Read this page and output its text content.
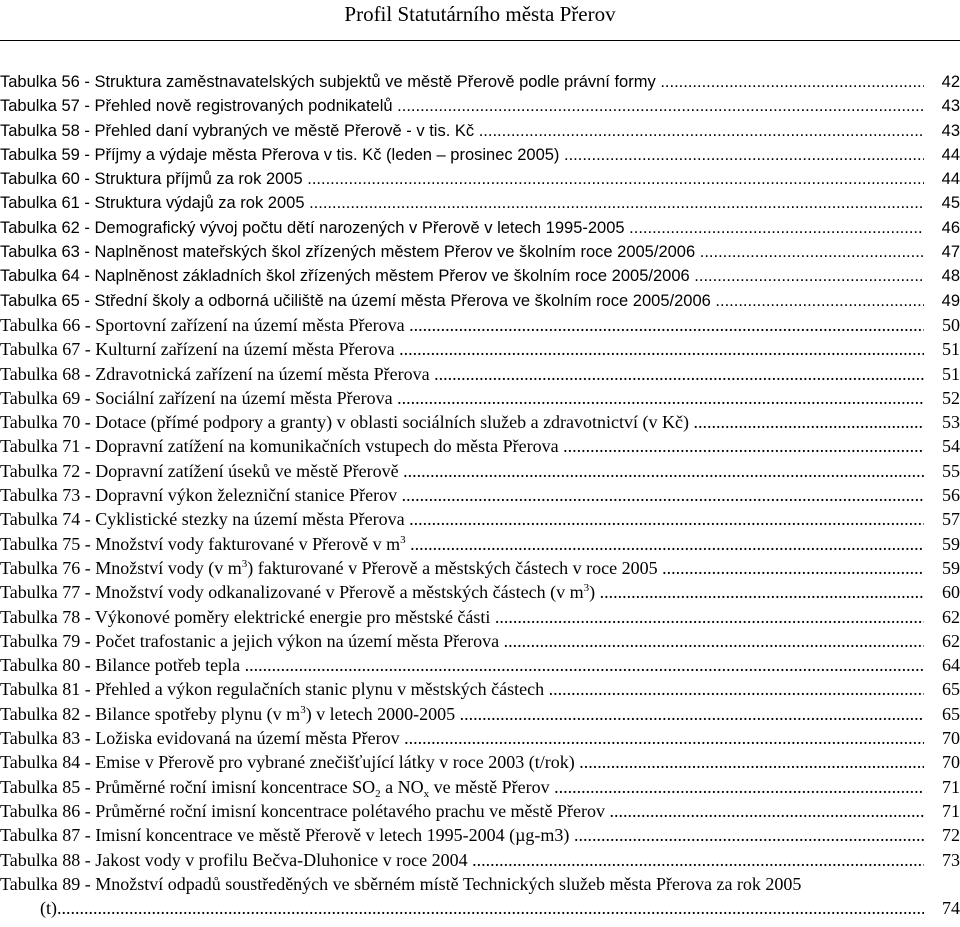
Profil Statutárního města Přerov
Tabulka 56 - Struktura zaměstnavatelských subjektů ve městě Přerově podle právní formy .....	42
Tabulka 57 - Přehled nově registrovaných podnikatelů .....	43
Tabulka 58 - Přehled daní vybraných ve městě Přerově - v tis. Kč .....	43
Tabulka 59 - Příjmy a výdaje města Přerova v tis. Kč (leden – prosinec 2005) .....	44
Tabulka 60 - Struktura příjmů za rok 2005 .....	44
Tabulka 61 - Struktura výdajů za rok 2005 .....	45
Tabulka 62 - Demografický vývoj počtu dětí narozených v Přerově v letech 1995-2005 .....	46
Tabulka 63 - Naplněnost mateřských škol zřízených městem Přerov ve školním roce 2005/2006 .....	47
Tabulka 64 - Naplněnost základních škol zřízených městem Přerov ve školním roce 2005/2006 .....	48
Tabulka 65 - Střední školy a odborná učiliště na území města Přerova ve školním roce 2005/2006 .....	49
Tabulka 66 - Sportovní zařízení na území města Přerova .....	50
Tabulka 67 - Kulturní zařízení na území města Přerova .....	51
Tabulka 68 - Zdravotnická zařízení na území města Přerova .....	51
Tabulka 69 - Sociální zařízení na území města Přerova .....	52
Tabulka 70 - Dotace (přímé podpory a granty) v oblasti sociálních služeb a zdravotnictví (v Kč) .....	53
Tabulka 71 - Dopravní zatížení na komunikačních vstupech do města Přerova .....	54
Tabulka 72 - Dopravní zatížení úseků ve městě Přerově .....	55
Tabulka 73 - Dopravní výkon železniční stanice Přerov .....	56
Tabulka 74 - Cyklistické stezky na území města Přerova .....	57
Tabulka 75 - Množství vody fakturované v Přerově v $m^3$ .....	59
Tabulka 76 - Množství vody (v $m^3$) fakturované v Přerově a městských částech v roce 2005 .....	59
Tabulka 77 - Množství vody odkanalizované v Přerově a městských částech (v $m^3$) .....	60
Tabulka 78 - Výkonové poměry elektrické energie pro městské části .....	62
Tabulka 79 - Počet trafostanic a jejich výkon na území města Přerova .....	62
Tabulka 80 - Bilance potřeb tepla .....	64
Tabulka 81 - Přehled a výkon regulačních stanic plynu v městských částech .....	65
Tabulka 82 - Bilance spotřeby plynu (v $m^3$) v letech 2000-2005 .....	65
Tabulka 83 - Ložiska evidovaná na území města Přerov .....	70
Tabulka 84 - Emise v Přerově pro vybrané znečišťující látky v roce 2003 (t/rok) .....	70
Tabulka 85 - Průměrné roční imisní koncentrace $SO_2$ a $NO_x$ ve městě Přerov .....	71
Tabulka 86 - Průměrné roční imisní koncentrace polétavého prachu ve městě Přerov .....	71
Tabulka 87 - Imisní koncentrace ve městě Přerově v letech 1995-2004 (µg-m3) .....	72
Tabulka 88 - Jakost vody v profilu Bečva-Dluhonice v roce 2004 .....	73
Tabulka 89 - Množství odpadů soustředěných ve sběrném místě Technických služeb města Přerova za rok 2005
(t) .....	74
